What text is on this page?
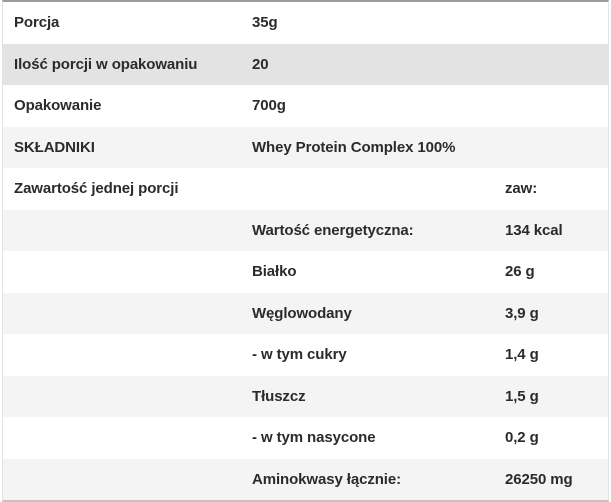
Porcja	35g
Ilość porcji w opakowaniu	20
Opakowanie	700g
SKŁADNIKI	Whey Protein Complex 100%
Zawartość jednej porcji	zaw:
Wartość energetyczna:	134 kcal
Białko	26 g
Węglowodany	3,9 g
- w tym cukry	1,4 g
Tłuszcz	1,5 g
- w tym nasycone	0,2 g
Aminokwasy łącznie:	26250 mg
